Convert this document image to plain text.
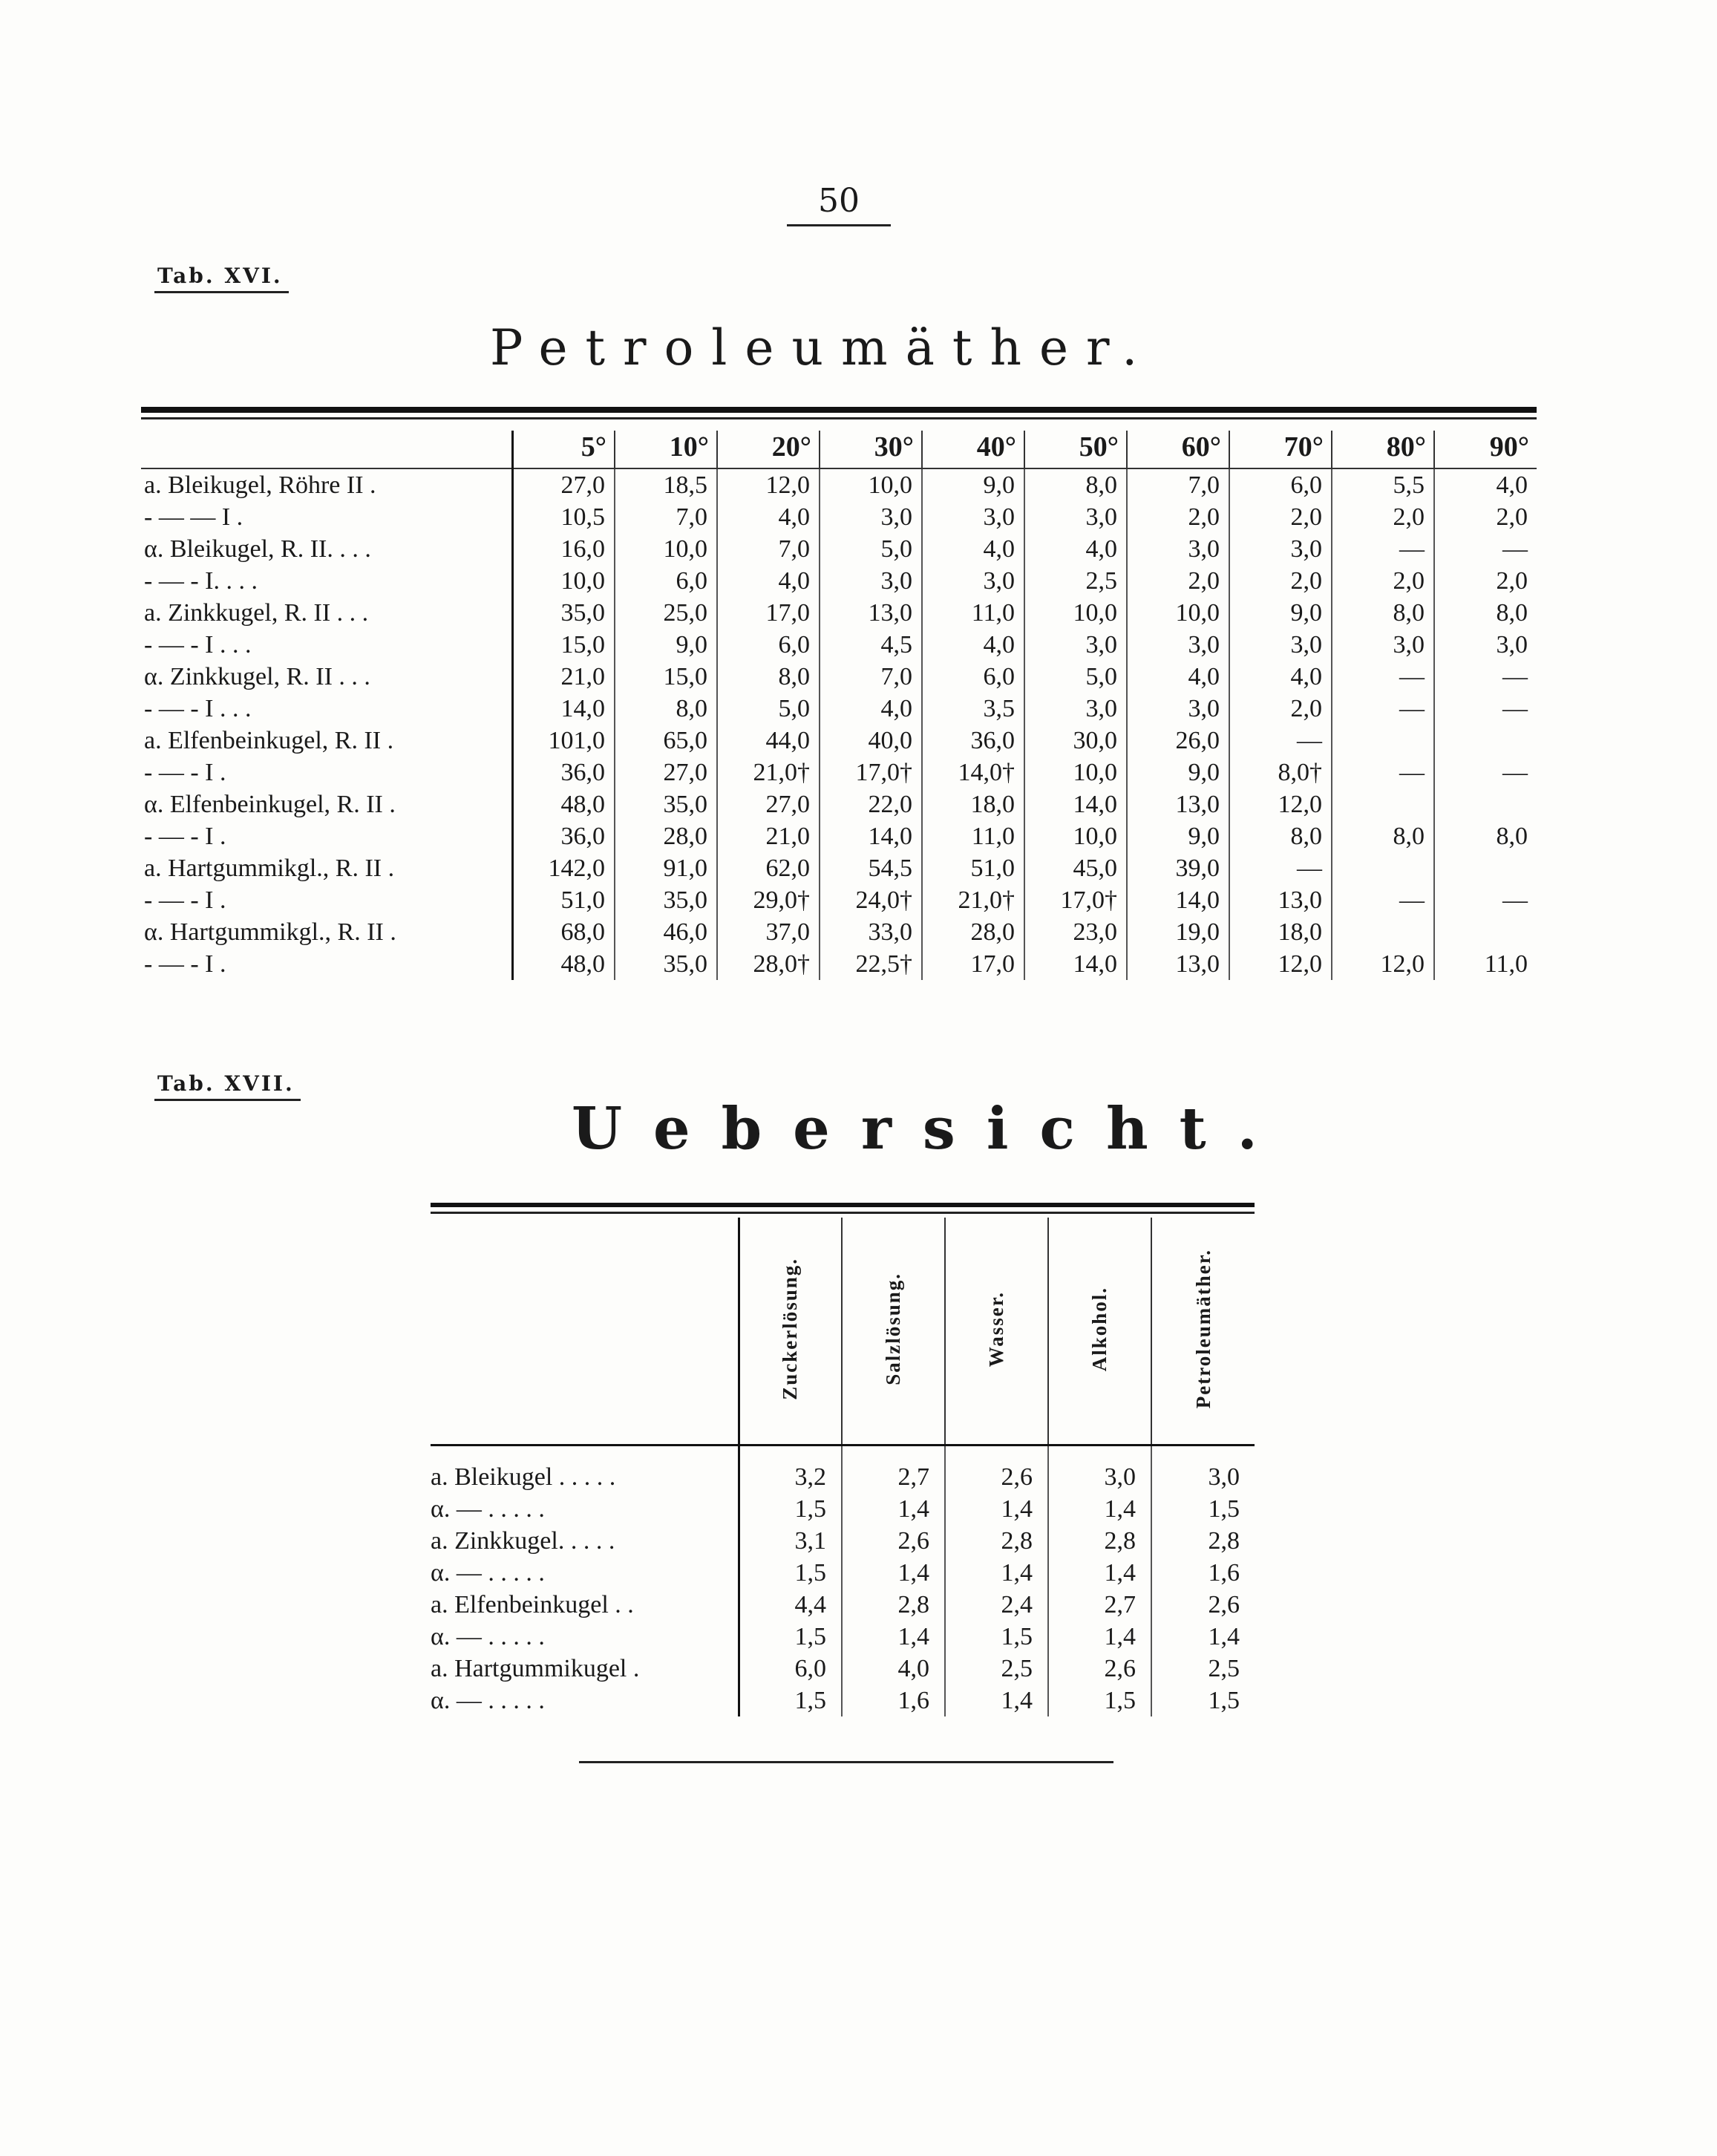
50
Tab. XVI.
Petroleumäther.
	5°	10°	20°	30°	40°	50°	60°	70°	80°	90°
a. Bleikugel, Röhre II .	27,0	18,5	12,0	10,0	9,0	8,0	7,0	6,0	5,5	4,0
- — — I .	10,5	7,0	4,0	3,0	3,0	3,0	2,0	2,0	2,0	2,0
α. Bleikugel, R. II. . . .	16,0	10,0	7,0	5,0	4,0	4,0	3,0	3,0	—	—
- — - I. . . .	10,0	6,0	4,0	3,0	3,0	2,5	2,0	2,0	2,0	2,0
a. Zinkkugel, R. II . . .	35,0	25,0	17,0	13,0	11,0	10,0	10,0	9,0	8,0	8,0
- — - I . . .	15,0	9,0	6,0	4,5	4,0	3,0	3,0	3,0	3,0	3,0
α. Zinkkugel, R. II . . .	21,0	15,0	8,0	7,0	6,0	5,0	4,0	4,0	—	—
- — - I . . .	14,0	8,0	5,0	4,0	3,5	3,0	3,0	2,0	—	—
a. Elfenbeinkugel, R. II .	101,0	65,0	44,0	40,0	36,0	30,0	26,0	—		
- — - I .	36,0	27,0	21,0†	17,0†	14,0†	10,0	9,0	8,0†	—	—
α. Elfenbeinkugel, R. II .	48,0	35,0	27,0	22,0	18,0	14,0	13,0	12,0		
- — - I .	36,0	28,0	21,0	14,0	11,0	10,0	9,0	8,0	8,0	8,0
a. Hartgummikgl., R. II .	142,0	91,0	62,0	54,5	51,0	45,0	39,0	—		
- — - I .	51,0	35,0	29,0†	24,0†	21,0†	17,0†	14,0	13,0	—	—
α. Hartgummikgl., R. II .	68,0	46,0	37,0	33,0	28,0	23,0	19,0	18,0		
- — - I .	48,0	35,0	28,0†	22,5†	17,0	14,0	13,0	12,0	12,0	11,0
Tab. XVII.
Uebersicht.
	Zuckerlösung.	Salzlösung.	Wasser.	Alkohol.	Petroleumäther.
a. Bleikugel . . . . .	3,2	2,7	2,6	3,0	3,0
α. — . . . . .	1,5	1,4	1,4	1,4	1,5
a. Zinkkugel. . . . .	3,1	2,6	2,8	2,8	2,8
α. — . . . . .	1,5	1,4	1,4	1,4	1,6
a. Elfenbeinkugel . .	4,4	2,8	2,4	2,7	2,6
α. — . . . . .	1,5	1,4	1,5	1,4	1,4
a. Hartgummikugel .	6,0	4,0	2,5	2,6	2,5
α. — . . . . .	1,5	1,6	1,4	1,5	1,5
